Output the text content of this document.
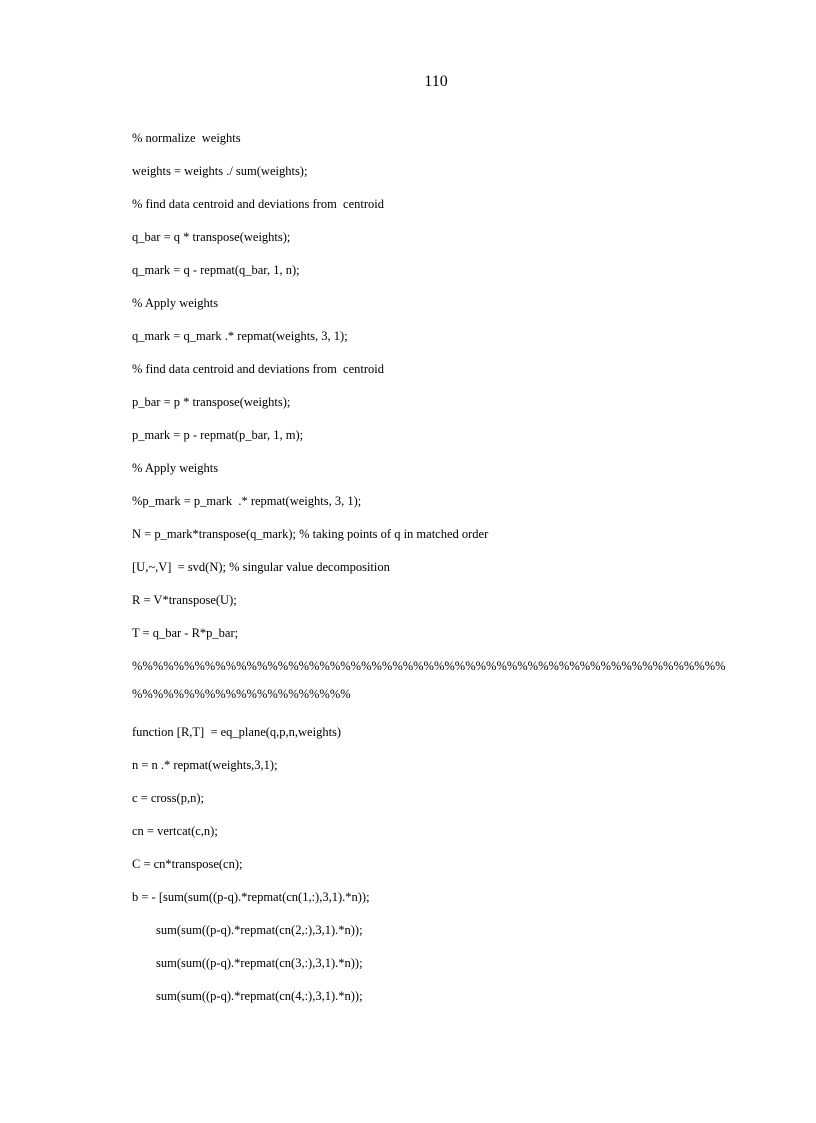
110
% normalize  weights
weights = weights ./ sum(weights);
% find data centroid and deviations from  centroid
q_bar = q * transpose(weights);
q_mark = q - repmat(q_bar, 1, n);
% Apply weights
q_mark = q_mark .* repmat(weights, 3, 1);
% find data centroid and deviations from  centroid
p_bar = p * transpose(weights);
p_mark = p - repmat(p_bar, 1, m);
% Apply weights
%p_mark = p_mark  .* repmat(weights, 3, 1);
N = p_mark*transpose(q_mark); % taking points of q in matched order
[U,~,V]  = svd(N); % singular value decomposition
R = V*transpose(U);
T = q_bar - R*p_bar;
%%%%%%%%%%%%%%%%%%%%%%%%%%%%%%%%%%%%%%%%%%%%%%%%%%%%%%%%%
%%%%%%%%%%%%%%%%%%%%%
function [R,T]  = eq_plane(q,p,n,weights)
n = n .* repmat(weights,3,1);
c = cross(p,n);
cn = vertcat(c,n);
C = cn*transpose(cn);
b = - [sum(sum((p-q).*repmat(cn(1,:),3,1).*n));
sum(sum((p-q).*repmat(cn(2,:),3,1).*n));
sum(sum((p-q).*repmat(cn(3,:),3,1).*n));
sum(sum((p-q).*repmat(cn(4,:),3,1).*n));
